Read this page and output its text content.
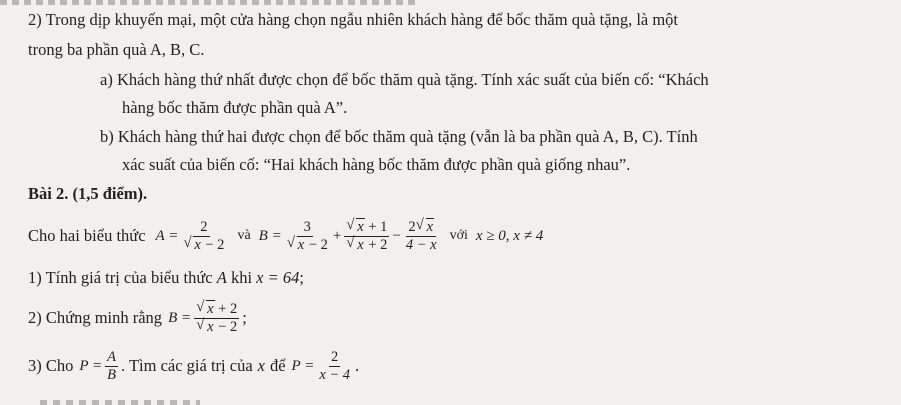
2) Trong dịp khuyến mại, một cửa hàng chọn ngẫu nhiên khách hàng để bốc thăm quà tặng, là một
trong ba phần quà A, B, C.
a) Khách hàng thứ nhất được chọn để bốc thăm quà tặng. Tính xác suất của biến cố: “Khách
hàng bốc thăm được phần quà A”.
b) Khách hàng thứ hai được chọn để bốc thăm quà tặng (vẫn là ba phần quà A, B, C). Tính
xác suất của biến cố: “Hai khách hàng bốc thăm được phần quà giống nhau”.
Bài 2. (1,5 điểm).
Cho hai biểu thức A = 2
√ x − 2 và B = 3
√ x − 2 + √ x + 1
√ $x + 2 - \frac{2 √ x}{4 - x}$ với x ≥ 0, x ≠ 4
1) Tính giá trị của biểu thức A khi x = 64;
2) Chứng minh rằng B = √ x + 2
√ x − 2 ;
3) Cho $P = \frac{A}{B}$ . Tìm các giá trị của x để $P = \frac{2}{x - 4}$ .
